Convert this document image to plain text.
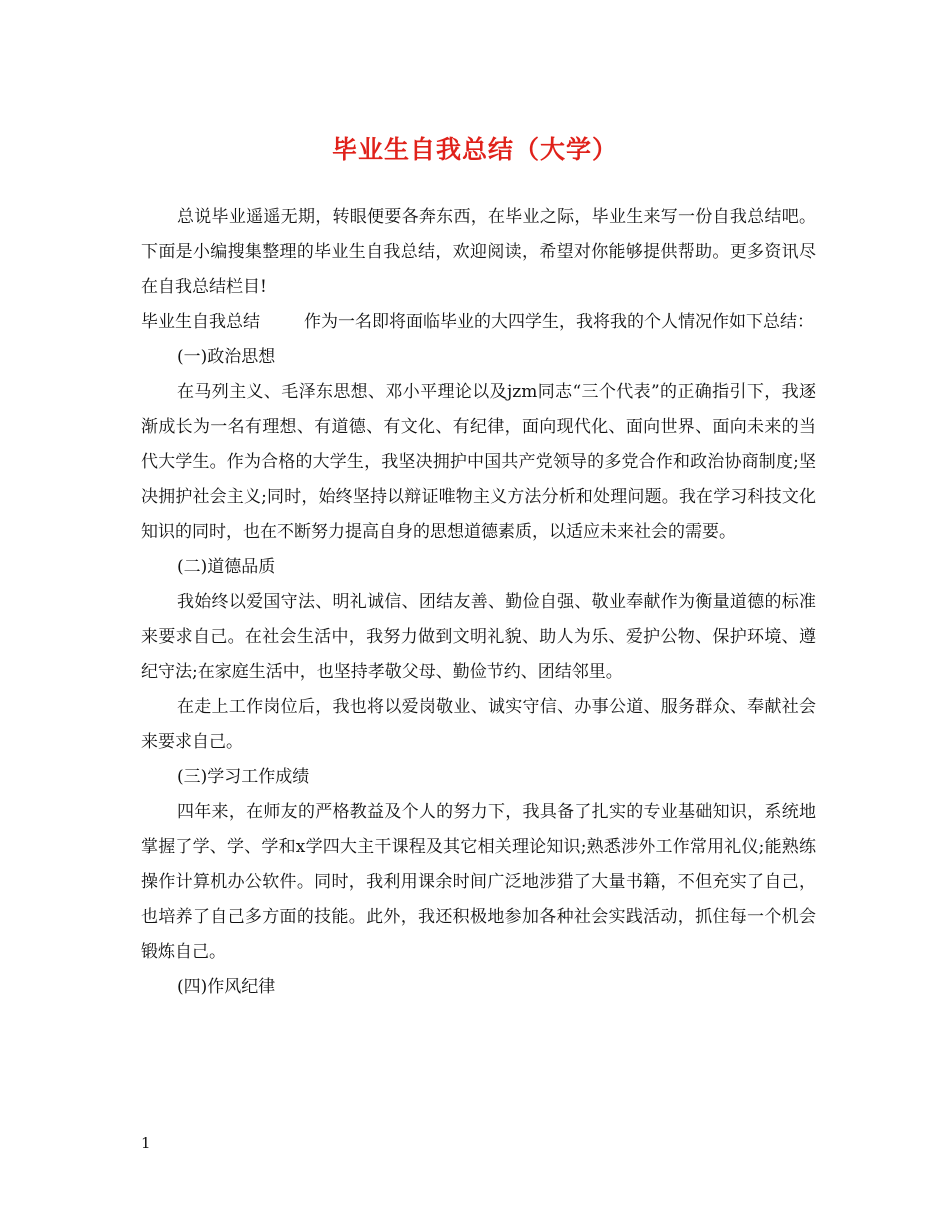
毕业生自我总结（大学）

总说毕业遥遥无期，转眼便要各奔东西，在毕业之际，毕业生来写一份自我总结吧。下面是小编搜集整理的毕业生自我总结，欢迎阅读，希望对你能够提供帮助。更多资讯尽在自我总结栏目!

毕业生自我总结	作为一名即将面临毕业的大四学生，我将我的个人情况作如下总结：

(一)政治思想

在马列主义、毛泽东思想、邓小平理论以及jzm同志“三个代表”的正确指引下，我逐渐成长为一名有理想、有道德、有文化、有纪律，面向现代化、面向世界、面向未来的当代大学生。作为合格的大学生，我坚决拥护中国共产党领导的多党合作和政治协商制度;坚决拥护社会主义;同时，始终坚持以辩证唯物主义方法分析和处理问题。我在学习科技文化知识的同时，也在不断努力提高自身的思想道德素质，以适应未来社会的需要。

(二)道德品质

我始终以爱国守法、明礼诚信、团结友善、勤俭自强、敬业奉献作为衡量道德的标准来要求自己。在社会生活中，我努力做到文明礼貌、助人为乐、爱护公物、保护环境、遵纪守法;在家庭生活中，也坚持孝敬父母、勤俭节约、团结邻里。

在走上工作岗位后，我也将以爱岗敬业、诚实守信、办事公道、服务群众、奉献社会来要求自己。

(三)学习工作成绩

四年来，在师友的严格教益及个人的努力下，我具备了扎实的专业基础知识，系统地掌握了学、学、学和x学四大主干课程及其它相关理论知识;熟悉涉外工作常用礼仪;能熟练操作计算机办公软件。同时，我利用课余时间广泛地涉猎了大量书籍，不但充实了自己，也培养了自己多方面的技能。此外，我还积极地参加各种社会实践活动，抓住每一个机会锻炼自己。

(四)作风纪律

1
